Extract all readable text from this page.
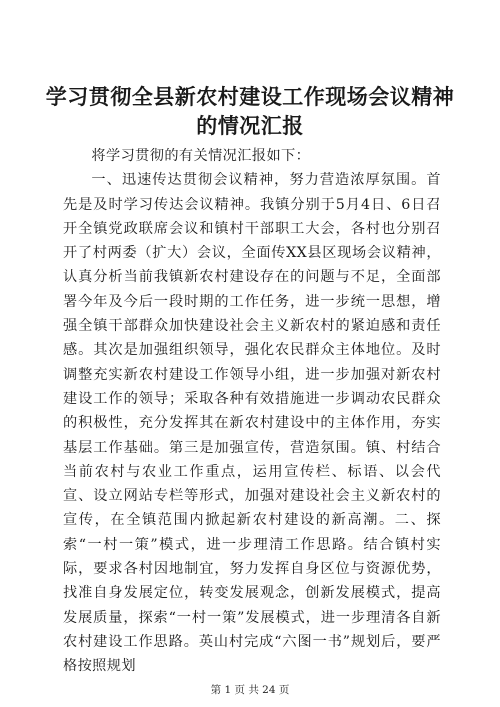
学习贯彻全县新农村建设工作现场会议精神的情况汇报

将学习贯彻的有关情况汇报如下：

一、迅速传达贯彻会议精神，努力营造浓厚氛围。首先是及时学习传达会议精神。我镇分别于5月4日、6日召开全镇党政联席会议和镇村干部职工大会，各村也分别召开了村两委（扩大）会议，全面传XX县区现场会议精神，认真分析当前我镇新农村建设存在的问题与不足，全面部署今年及今后一段时期的工作任务，进一步统一思想，增强全镇干部群众加快建设社会主义新农村的紧迫感和责任感。其次是加强组织领导，强化农民群众主体地位。及时调整充实新农村建设工作领导小组，进一步加强对新农村建设工作的领导；采取各种有效措施进一步调动农民群众的积极性，充分发挥其在新农村建设中的主体作用，夯实基层工作基础。第三是加强宣传，营造氛围。镇、村结合当前农村与农业工作重点，运用宣传栏、标语、以会代宣、设立网站专栏等形式，加强对建设社会主义新农村的宣传，在全镇范围内掀起新农村建设的新高潮。二、探索“一村一策”模式，进一步理清工作思路。结合镇村实际，要求各村因地制宜，努力发挥自身区位与资源优势，找准自身发展定位，转变发展观念，创新发展模式，提高发展质量，探索“一村一策”发展模式，进一步理清各自新农村建设工作思路。英山村完成“六图一书”规划后，要严格按照规划

第 1 页 共 24 页
